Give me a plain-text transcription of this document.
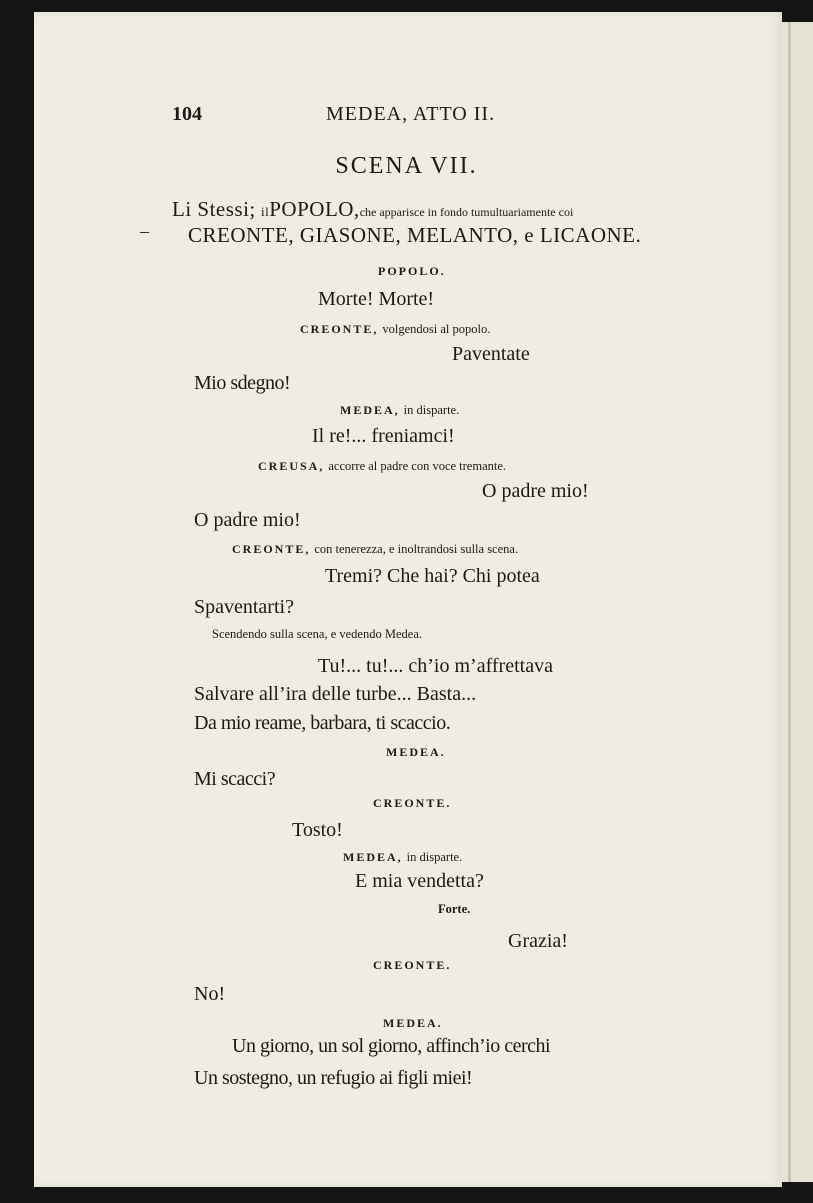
104	MEDEA, ATTO II.
SCENA VII.
Li Stessi; ilPOPOLO,che apparisce in fondo tumultuariamente coi
– CREONTE, GIASONE, MELANTO, e LICAONE.
POPOLO.
Morte! Morte!
CREONTE, volgendosi al popolo.
Paventate
Mio sdegno!
MEDEA, in disparte.
Il re!... freniamci!
CREUSA, accorre al padre con voce tremante.
O padre mio!
O padre mio!
CREONTE, con tenerezza, e inoltrandosi sulla scena.
Tremi? Che hai? Chi potea
Spaventarti?
Scendendo sulla scena, e vedendo Medea.
Tu!... tu!... ch’io m’affrettava
Salvare all’ira delle turbe... Basta...
Da mio reame, barbara, ti scaccio.
MEDEA.
Mi scacci?
CREONTE.
Tosto!
MEDEA, in disparte.
E mia vendetta?
Forte.
Grazia!
CREONTE.
No!
MEDEA.
Un giorno, un sol giorno, affinch’io cerchi
Un sostegno, un refugio ai figli miei!
